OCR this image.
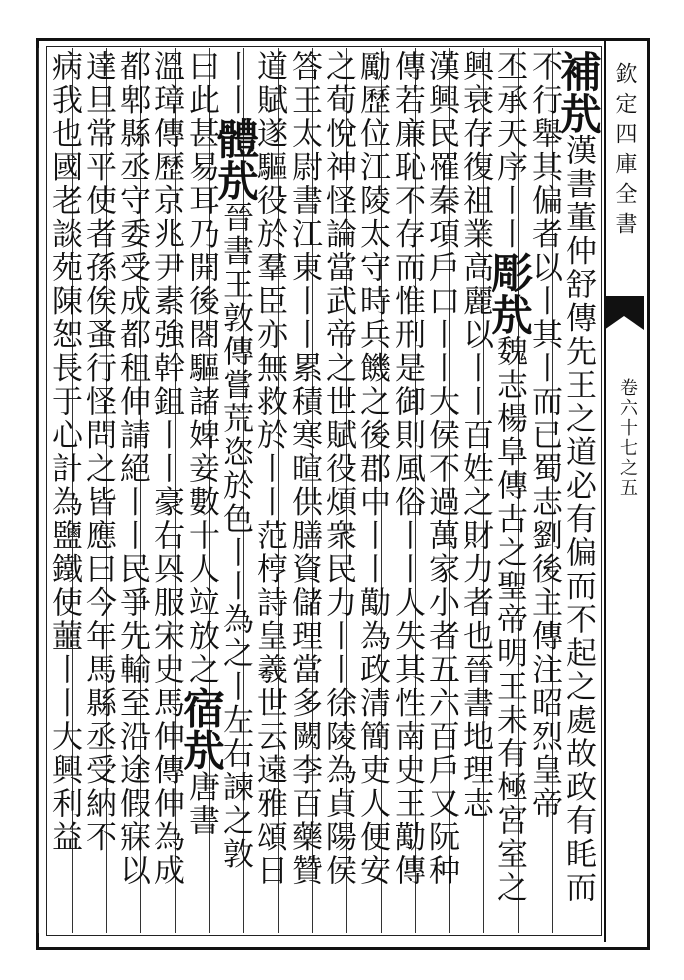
欽定四庫全書
卷六十七之五
補㢤漢書董仲舒傳先王之道必有偏而不起之處故政有眊而
不行舉其偏者以丨其丨而已蜀志劉後主傳注昭烈皇帝
丕承天序丨丨彫㢤魏志楊阜傳古之聖帝明王未有極宮室之
興衰存復祖業高麗以丨丨百姓之財力者也晉書地理志
漢興民罹秦項戶口丨丨大侯不過萬家小者五六百戶又阮种
傳若廉恥不存而惟刑是御則風俗丨丨人失其性南史王勱傳
勵歷位江陵太守時兵饑之後郡中丨丨勱為政清簡吏人便安
之荀悅神怪論當武帝之世賦役煩衆民力丨丨徐陵為貞陽侯
答王太尉書江東丨丨累積寒暄供膳資儲理當多闕李百藥贊
道賦遂驅役於羣臣亦無救於丨丨范梈詩皇羲世云遠雅頌日
丨丨體㢤晉書王敦傳嘗荒恣於色丨丨為之丨左右諫之敦
曰此甚易耳乃開後閤驅諸婢妾數十人竝放之宿㢤唐書
溫璋傳歷京兆尹素強幹鉏丨丨豪右㒷服宋史馬伸傳伸為成
都郫縣丞守委受成都租伸請絕丨丨民爭先輸至沿途假寐以
達旦常平使者孫俟蚤行怪問之皆應曰今年馬縣丞受納不
病我也國老談苑陳恕長于心計為鹽鐵使蘁丨丨大興利益
